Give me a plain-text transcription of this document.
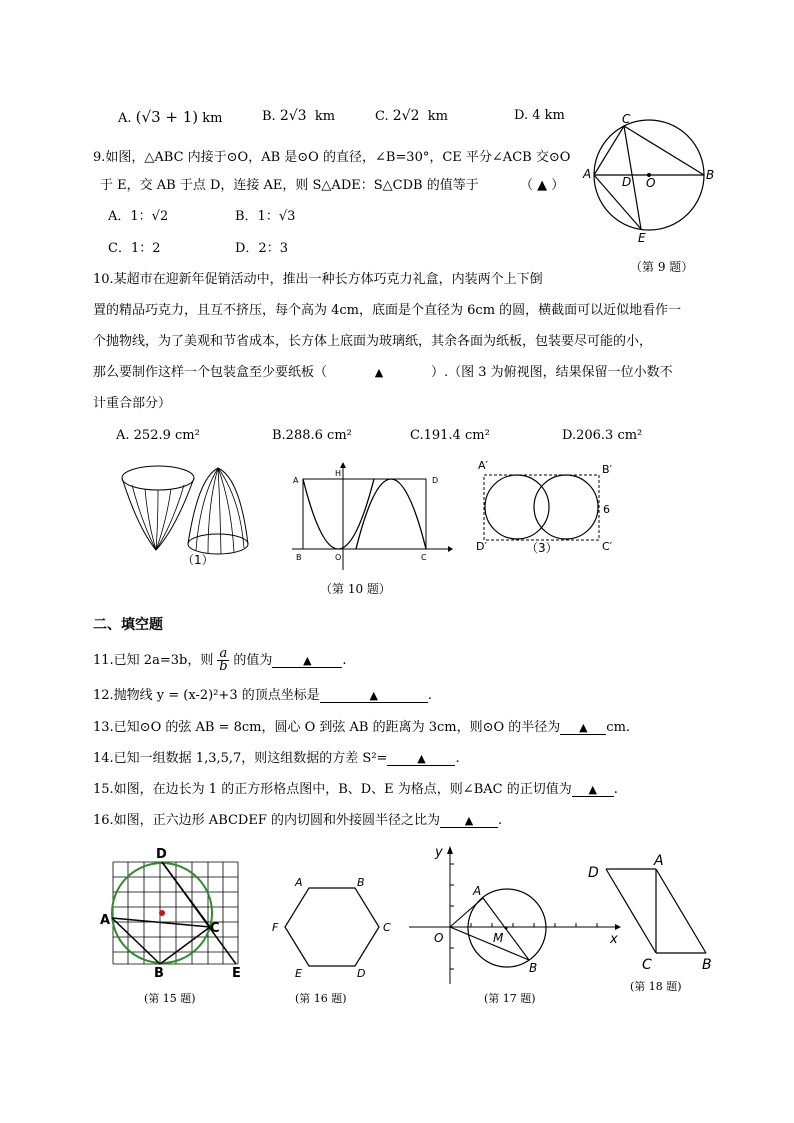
A. (√3 + 1) km	B. 2√3 km	C. 2√2 km	D. 4 km
9.如图，△ABC 内接于⊙O，AB 是⊙O 的直径，∠B=30°，CE 平分∠ACB 交⊙O
于 E，交 AB 于点 D，连接 AE，则 S△ADE：S△CDB 的值等于	（ ▲ ）
A．1：√2	B．1：√3
C．1：2	D．2：3
C
A
D O
B
E
（第 9 题）
10.某超市在迎新年促销活动中，推出一种长方体巧克力礼盒，内装两个上下倒
置的精品巧克力，且互不挤压，每个高为 4cm，底面是个直径为 6cm 的圆，横截面可以近似地看作一
个抛物线，为了美观和节省成本，长方体上底面为玻璃纸，其余各面为纸板，包装要尽可能的小，
那么要制作这样一个包装盒至少要纸板（	▲	）.（图 3 为俯视图，结果保留一位小数不
计重合部分）
A. 252.9 cm²	B.288.6 cm²	C.191.4 cm²	D.206.3 cm²
（1）
A
H
D
B	O	C
A′	B′
6
C′
D′	（3）
（第 10 题）
二、填空题
11.已知 2a=3b，则 $\frac{a}{b}$ 的值为	▲ .
12.抛物线 y = (x-2)²+3 的顶点坐标是	▲	.
13.已知⊙O 的弦 AB = 8cm，圆心 O 到弦 AB 的距离为 3cm，则⊙O 的半径为 ▲ cm.
14.已知一组数据 1,3,5,7，则这组数据的方差 S²=	▲ .
15.如图，在边长为 1 的正方形格点图中，B、D、E 为格点，则∠BAC 的正切值为 ▲ .
16.如图，正六边形 ABCDEF 的内切圆和外接圆半径之比为 ▲ .
D
A
C
B	E
(第 15 题)
A	B
C
D
E
F
(第 16 题)
y
x
O
A
M
B
(第 17 题)
D
A
C	B
(第 18 题)
